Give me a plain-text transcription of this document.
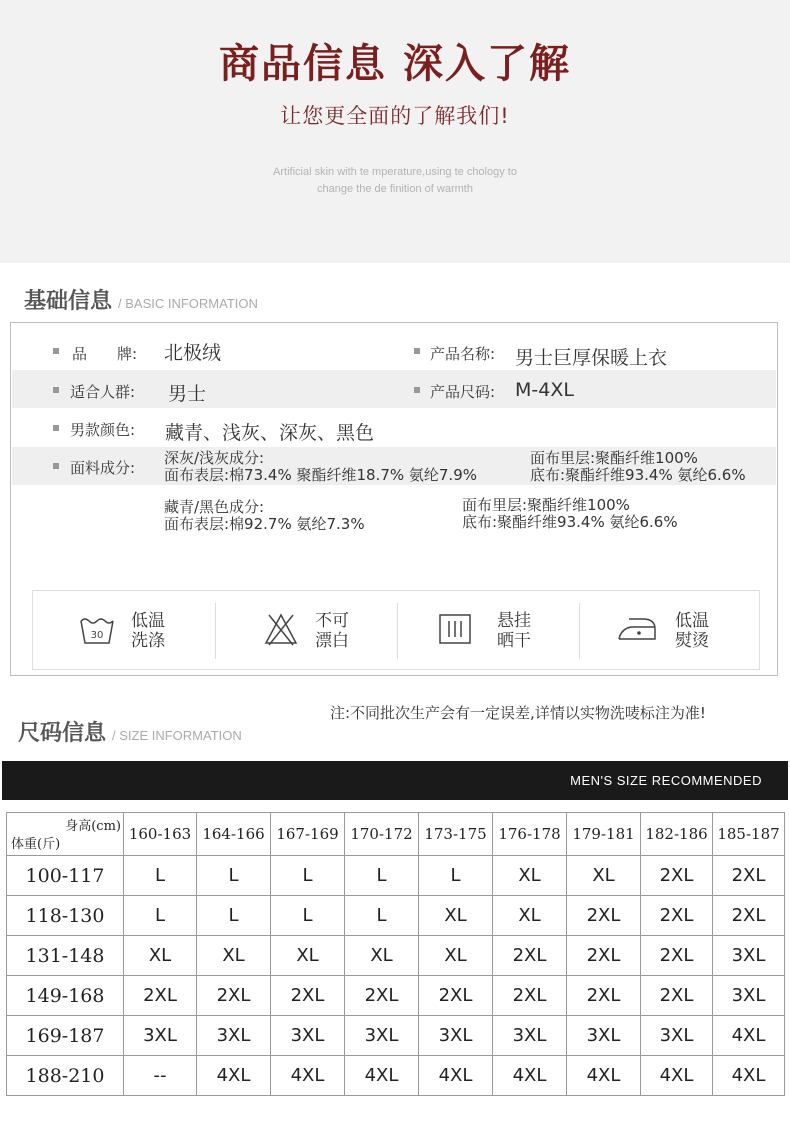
商品信息 深入了解
让您更全面的了解我们!
Artificial skin with te mperature,using te chology to
change the de finition of warmth
基础信息 / BASIC INFORMATION
品　　牌: 北极绒	产品名称: 男士巨厚保暖上衣
适合人群: 男士	产品尺码: M-4XL
男款颜色: 藏青、浅灰、深灰、黑色
面料成分:
深灰/浅灰成分:
面布表层:棉73.4% 聚酯纤维18.7% 氨纶7.9%
面布里层:聚酯纤维100%
底布:聚酯纤维93.4% 氨纶6.6%
藏青/黑色成分:
面布表层:棉92.7% 氨纶7.3%
面布里层:聚酯纤维100%
底布:聚酯纤维93.4% 氨纶6.6%
30
低温
洗涤
不可
漂白
悬挂
晒干
低温
熨烫
注:不同批次生产会有一定误差,详情以实物洗唛标注为准!
尺码信息 / SIZE INFORMATION
MEN'S SIZE RECOMMENDED
身高(cm)
体重(斤)	160-163	164-166	167-169	170-172	173-175	176-178	179-181	182-186	185-187
100-117	L	L	L	L	L	XL	XL	2XL	2XL
118-130	L	L	L	L	XL	XL	2XL	2XL	2XL
131-148	XL	XL	XL	XL	XL	2XL	2XL	2XL	3XL
149-168	2XL	2XL	2XL	2XL	2XL	2XL	2XL	2XL	3XL
169-187	3XL	3XL	3XL	3XL	3XL	3XL	3XL	3XL	4XL
188-210	--	4XL	4XL	4XL	4XL	4XL	4XL	4XL	4XL
